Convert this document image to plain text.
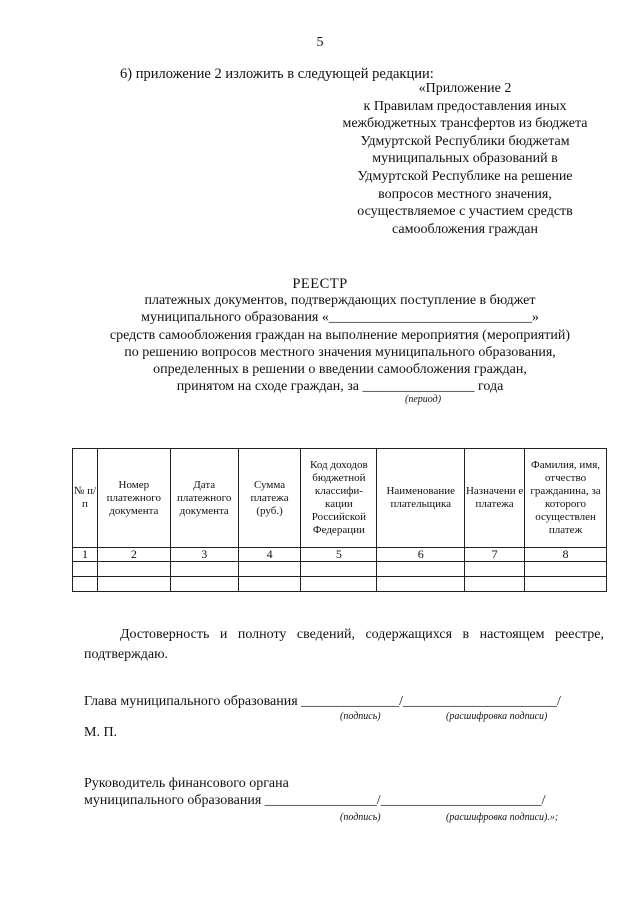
5
6) приложение 2 изложить в следующей редакции:
«Приложение 2
к Правилам предоставления иных
межбюджетных трансфертов из бюджета
Удмуртской Республики бюджетам
муниципальных образований в
Удмуртской Республике на решение
вопросов местного значения,
осуществляемое с участием средств
самообложения граждан
РЕЕСТР
платежных документов, подтверждающих поступление в бюджет
муниципального образования «_____________________________»
средств самообложения граждан на выполнение мероприятия (мероприятий)
по решению вопросов местного значения муниципального образования,
определенных в решении о введении самообложения граждан,
принятом на сходе граждан, за ________________ года
(период)
№ п/п	Номер платежного документа	Дата платежного документа	Сумма платежа (руб.)	Код доходов бюджетной классифи- кации Российской Федерации	Наименование плательщика	Назначени е платежа	Фамилия, имя, отчество гражданина, за которого осуществлен платеж
1	2	3	4	5	6	7	8

Достоверность и полноту сведений, содержащихся в настоящем реестре, подтверждаю.
Глава муниципального образования ______________/______________________/
(подпись)	(расшифровка подписи)
М. П.
Руководитель финансового органа
муниципального образования ________________/_______________________/
(подпись)	(расшифровка подписи).»;
